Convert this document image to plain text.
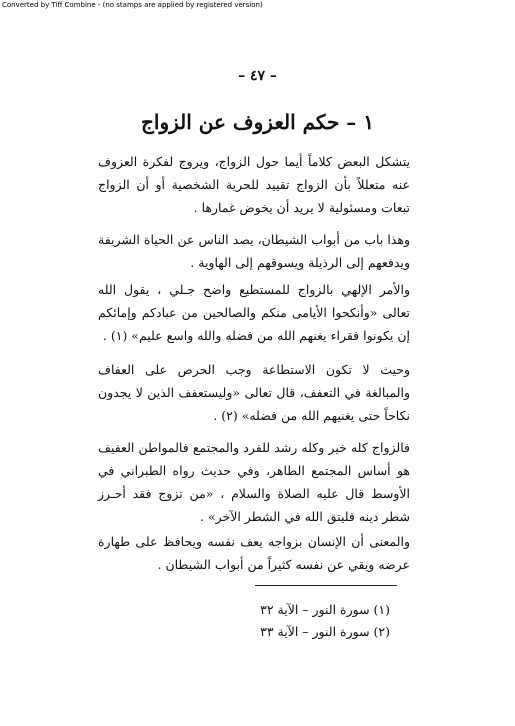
Converted by Tiff Combine - (no stamps are applied by registered version)
– ٤٧ –
١ – حكم العزوف عن الزواج

يتشكل البعض كلاماً أيما حول الزواج، ويروج لفكرة العزوف عنه متعللاً بأن الزواج تقييد للحرية الشخصية أو أن الزواج تبعات ومسئولية لا يريد أن يخوض غمارها .

وهذا باب من أبواب الشيطان، يصد الناس عن الحياة الشريفة ويدفعهم إلى الرذيلة ويسوقهم إلى الهاوية .

والأمر الإلهي بالزواج للمستطيع واضح جـلي ، يقول الله تعالى «وأنكحوا الأيامى منكم والصالحين من عبادكم وإمائكم إن يكونوا فقراء يغنهم الله من فضله والله واسع عليم» (١) .

وحيث لا تكون الاستطاعة وجب الحرص على العفاف والمبالغة في التعفف، قال تعالى «وليستعفف الذين لا يجدون نكاحاً حتى يغنيهم الله من فضله» (٢) .

فالزواج كله خير وكله رشد للفرد والمجتمع فالمواطن العفيف هو أساس المجتمع الطاهر، وفي حديث رواه الطبراني في الأوسط قال عليه الصلاة والسلام ، «من تزوج فقد أحـرز شطر دينه فليتق الله في الشطر الآخر» .

والمعنى أن الإنسان بزواجه يعف نفسه ويحافظ على طهارة عرضه ويقي عن نفسه كثيراً من أبواب الشيطان .

(١) سورة النور – الآية ٣٢
(٢) سورة النور – الآية ٣٣
